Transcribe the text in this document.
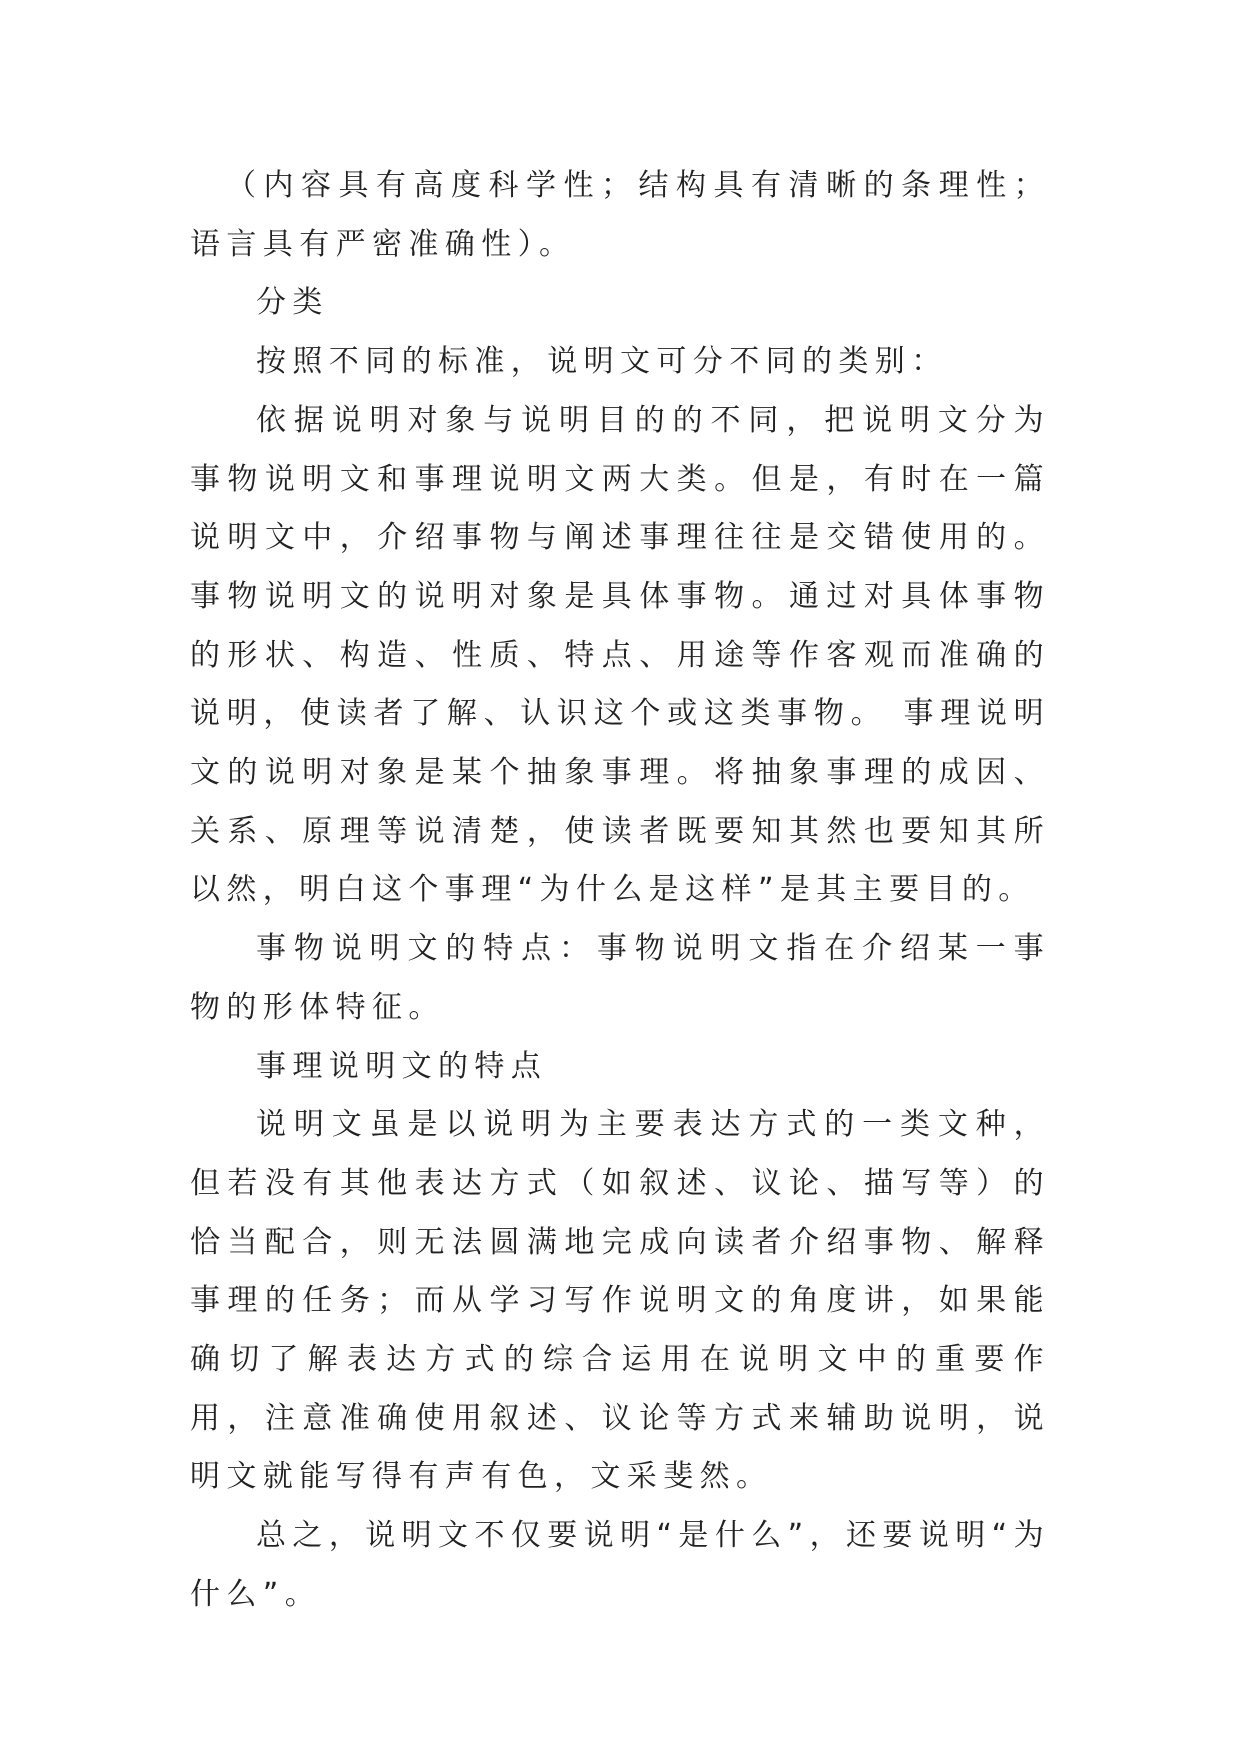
（内容具有高度科学性；结构具有清晰的条理性；语言具有严密准确性）。

分类

按照不同的标准，说明文可分不同的类别：

依据说明对象与说明目的的不同，把说明文分为事物说明文和事理说明文两大类。但是，有时在一篇说明文中，介绍事物与阐述事理往往是交错使用的。 事物说明文的说明对象是具体事物。通过对具体事物的形状、构造、性质、特点、用途等作客观而准确的说明，使读者了解、认识这个或这类事物。 事理说明文的说明对象是某个抽象事理。将抽象事理的成因、关系、原理等说清楚，使读者既要知其然也要知其所以然，明白这个事理“为什么是这样”是其主要目的。

事物说明文的特点：事物说明文指在介绍某一事物的形体特征。

事理说明文的特点

说明文虽是以说明为主要表达方式的一类文种，但若没有其他表达方式（如叙述、议论、描写等）的恰当配合，则无法圆满地完成向读者介绍事物、解释事理的任务；而从学习写作说明文的角度讲，如果能确切了解表达方式的综合运用在说明文中的重要作用，注意准确使用叙述、议论等方式来辅助说明，说明文就能写得有声有色，文采斐然。

总之，说明文不仅要说明“是什么”，还要说明“为什么”。
